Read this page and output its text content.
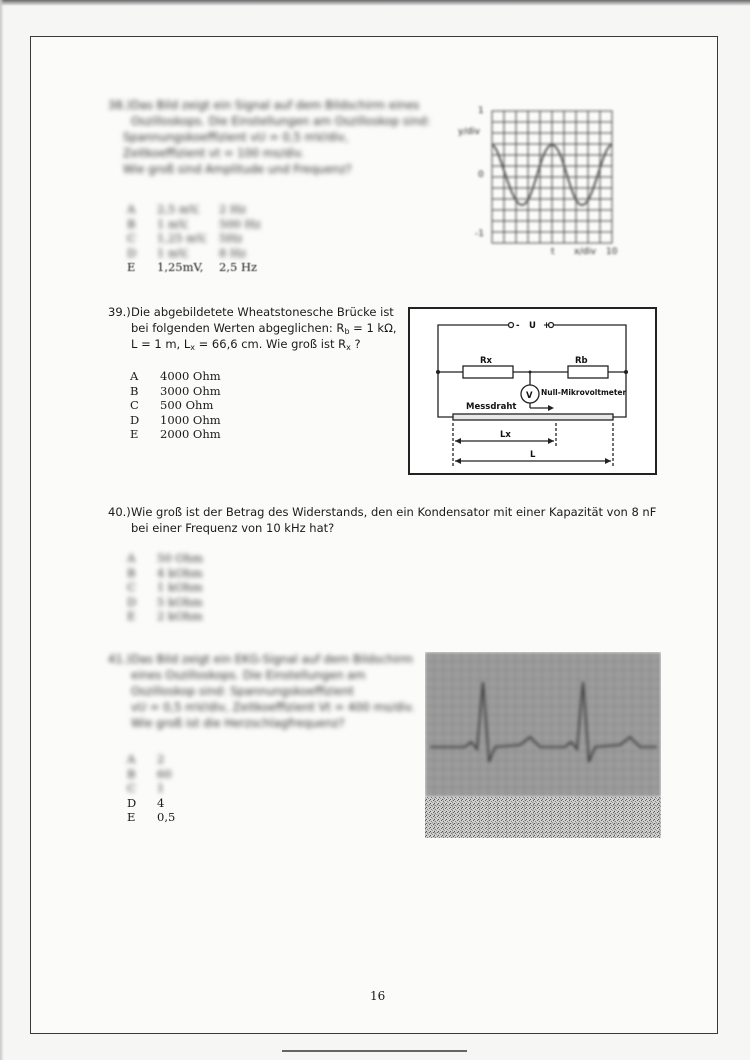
38.) Das Bild zeigt ein Signal auf dem Bildschirm eines
Oszilloskops. Die Einstellungen am Oszilloskop sind:
Spannungskoeffizient vU = 0,5 mV/div,
Zeitkoeffizient vt = 100 ms/div.
Wie groß sind Amplitude und Frequenz?
A 2,5 mV, 2 Hz
B 1 mV,	500 Hz
C 1,25 mV, 5Hz
D 1 mV,	8 Hz
E 1,25mV, 2,5 Hz
1
y/div
0
-1
t x/div 10
39.) Die abgebildetete Wheatstonesche Brücke ist
bei folgenden Werten abgeglichen: $R_b = 1$ kΩ,
L = 1 m, $L_x = 66,6$ cm. Wie groß ist $R_x$ ?
A 4000 Ohm
B 3000 Ohm
C 500 Ohm
D 1000 Ohm
E 2000 Ohm
- U +
Rx	Rb
V Null-Mikrovoltmeter
Messdraht
Lx
L
40.) Wie groß ist der Betrag des Widerstands, den ein Kondensator mit einer Kapazität von 8 nF
bei einer Frequenz von 10 kHz hat?
A 50 Ohm
B 4 kOhm
C 1 kOhm
D 5 kOhm
E 2 kOhm
41.) Das Bild zeigt ein EKG-Signal auf dem Bildschirm
eines Oszilloskops. Die Einstellungen am
Oszilloskop sind: Spannungskoeffizient
vU = 0,5 mV/div, Zeitkoeffizient Vt = 400 ms/div.
Wie groß ist die Herzschlagfrequenz?
A 2
B 60
C 1
D 4
E 0,5
16
